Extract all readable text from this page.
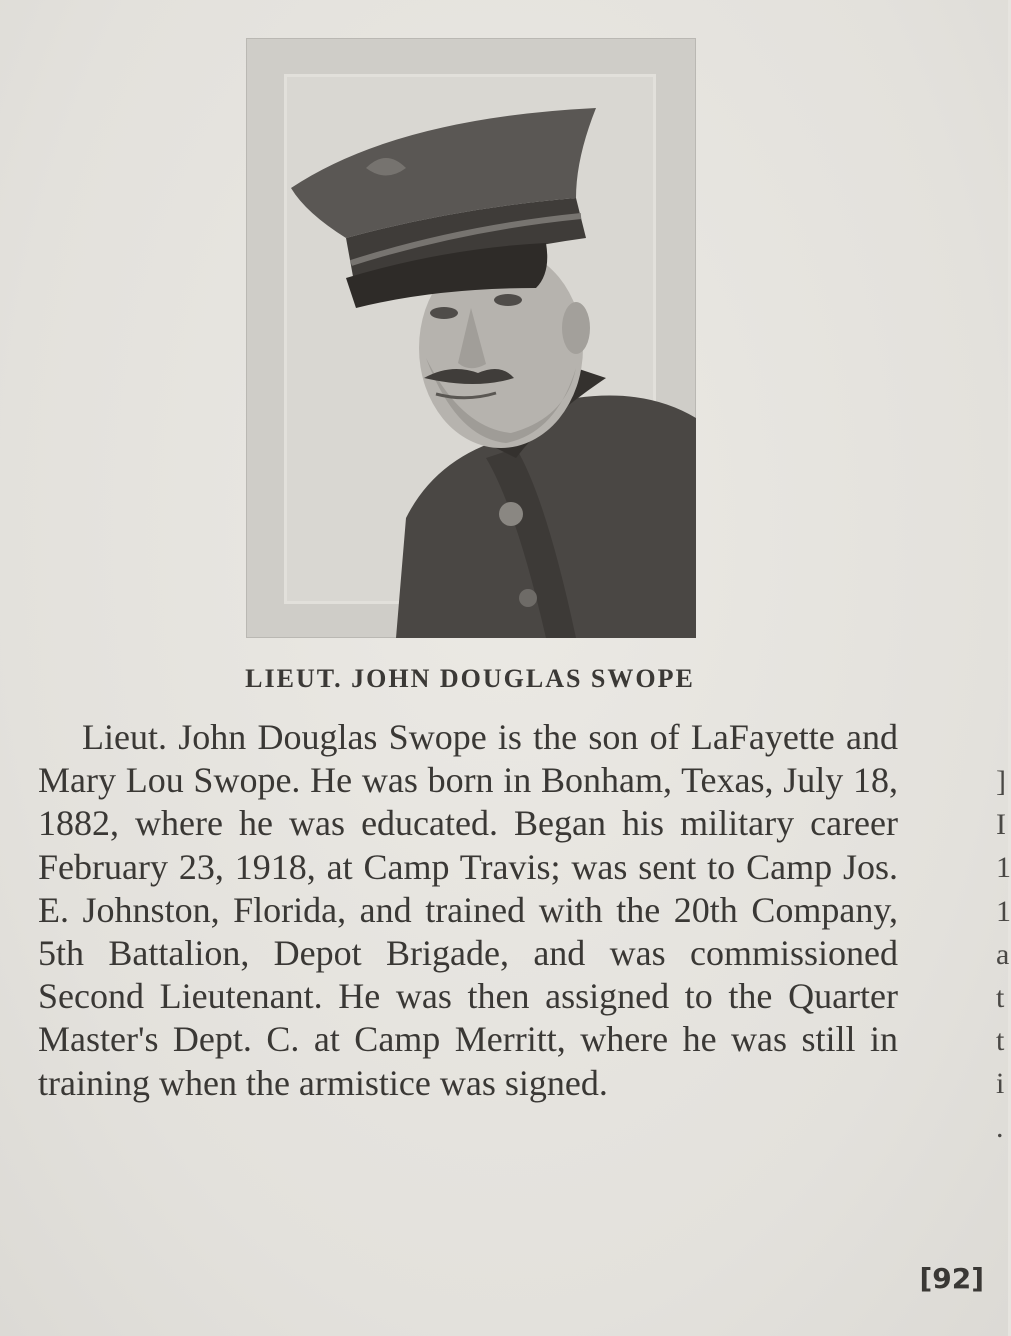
LIEUT. JOHN DOUGLAS SWOPE

Lieut. John Douglas Swope is the son of LaFayette and Mary Lou Swope. He was born in Bonham, Texas, July 18, 1882, where he was educated. Began his military career February 23, 1918, at Camp Travis; was sent to Camp Jos. E. Johnston, Florida, and trained with the 20th Company, 5th Battalion, Depot Brigade, and was commissioned Second Lieutenant. He was then assigned to the Quarter Master's Dept. C. at Camp Merritt, where he was still in training when the armistice was signed.

]
I
1
1
a
t
t
i
.
[92]
